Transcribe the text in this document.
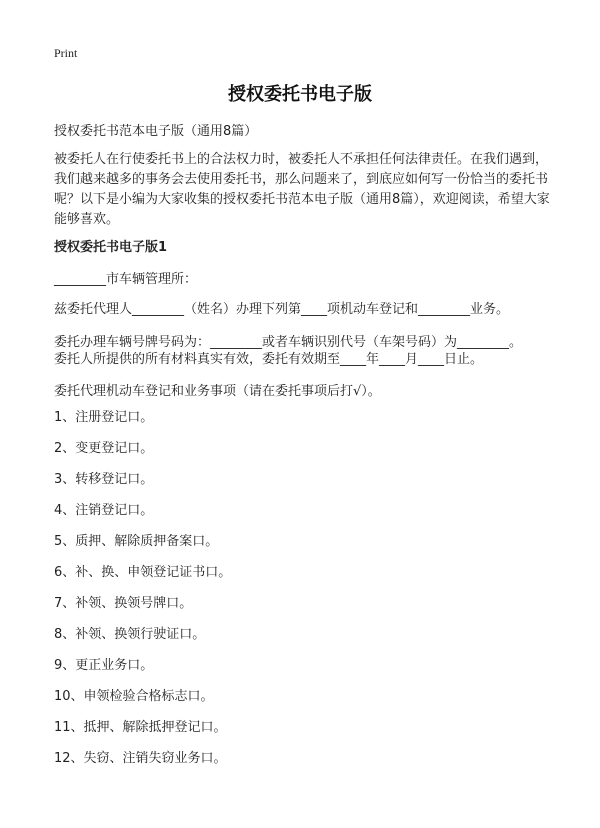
Print
授权委托书电子版
授权委托书范本电子版（通用8篇）

被委托人在行使委托书上的合法权力时，被委托人不承担任何法律责任。在我们遇到，我们越来越多的事务会去使用委托书，那么问题来了，到底应如何写一份恰当的委托书呢？以下是小编为大家收集的授权委托书范本电子版（通用8篇），欢迎阅读，希望大家能够喜欢。

授权委托书电子版1
________市车辆管理所：
兹委托代理人________（姓名）办理下列第____项机动车登记和________业务。
委托办理车辆号牌号码为：________或者车辆识别代号（车架号码）为________。
委托人所提供的所有材料真实有效，委托有效期至____年____月____日止。
委托代理机动车登记和业务事项（请在委托事项后打√）。
1、注册登记口。
2、变更登记口。
3、转移登记口。
4、注销登记口。
5、质押、解除质押备案口。
6、补、换、申领登记证书口。
7、补领、换领号牌口。
8、补领、换领行驶证口。
9、更正业务口。
10、申领检验合格标志口。
11、抵押、解除抵押登记口。
12、失窃、注销失窃业务口。
